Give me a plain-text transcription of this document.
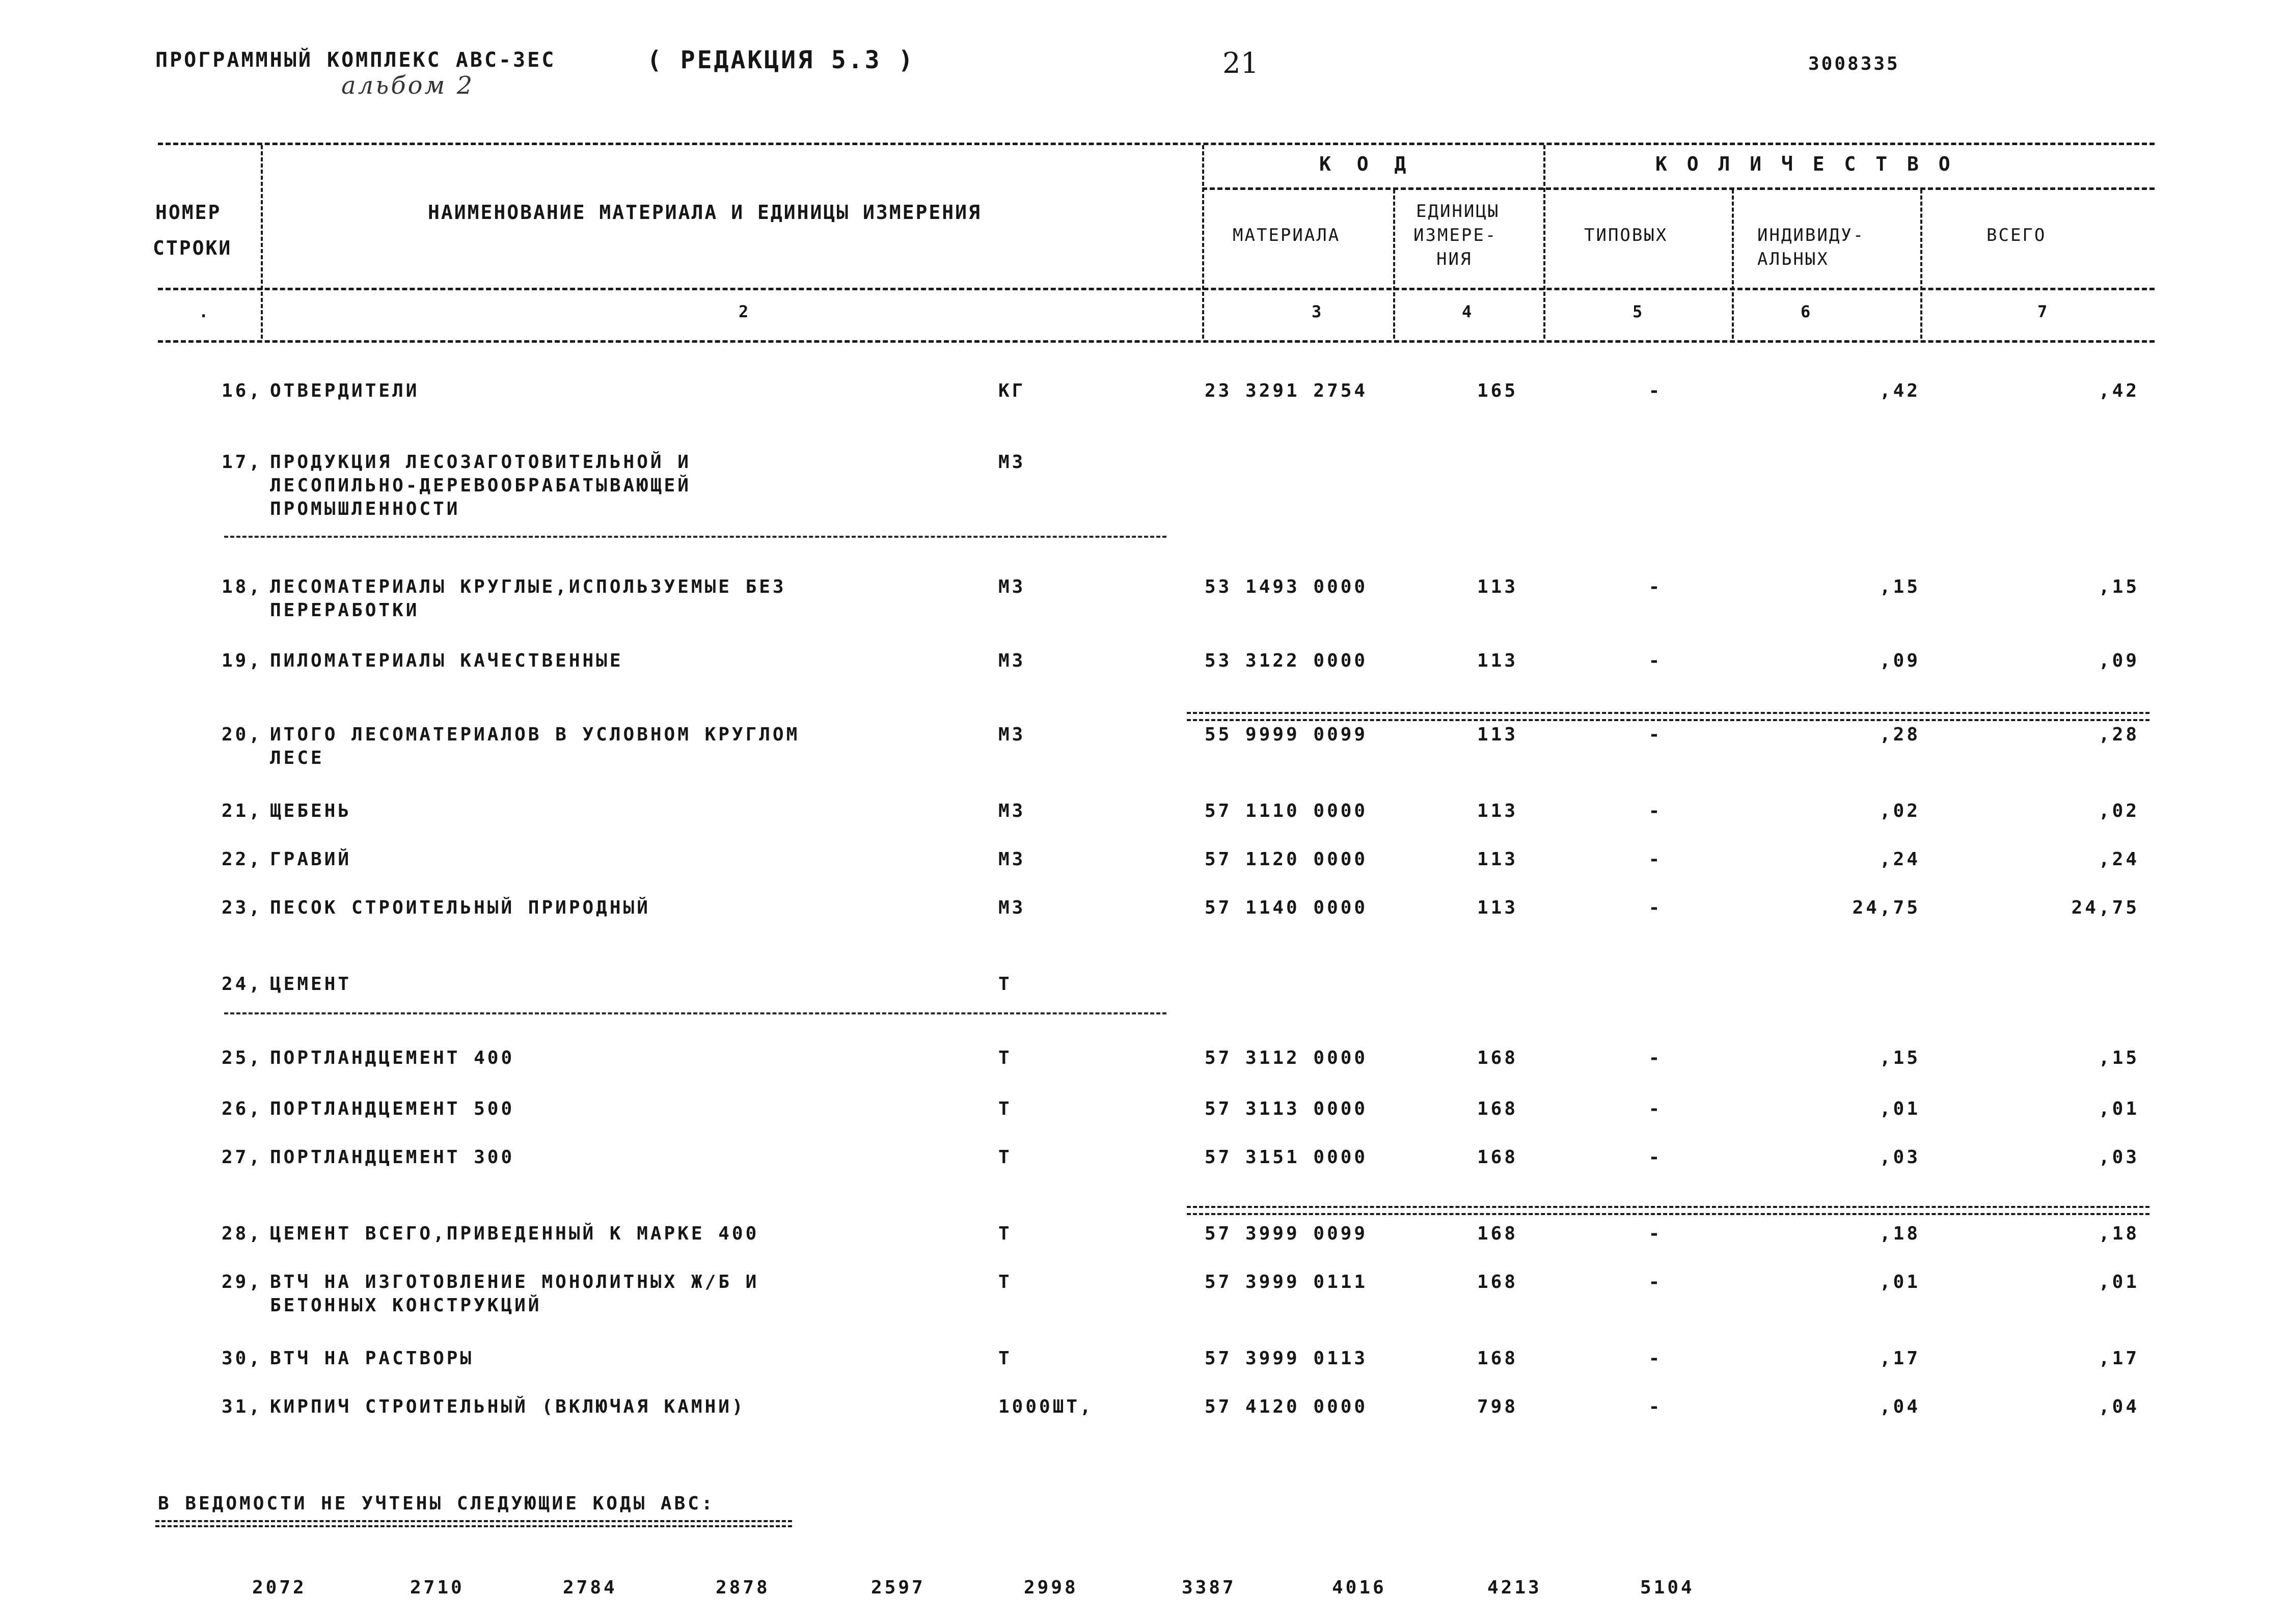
ПРОГРАММНЫЙ КОМПЛЕКС АВС-3ЕС	( РЕДАКЦИЯ 5.3 )
альбом 2
21	3008335
НОМЕР
СТРОКИ
НАИМЕНОВАНИЕ МАТЕРИАЛА И ЕДИНИЦЫ ИЗМЕРЕНИЯ
К О Д	К О Л И Ч Е С Т В О
МАТЕРИАЛА
ЕДИНИЦЫ
ИЗМЕРЕ-
НИЯ
ТИПОВЫХ	ИНДИВИДУ-
АЛЬНЫХ
ВСЕГО
.	2	3	4	5	6	7
16, ОТВЕРДИТЕЛИ	КГ	23 3291 2754	165	-	,42	,42
17, ПРОДУКЦИЯ ЛЕСОЗАГОТОВИТЕЛЬНОЙ И
ЛЕСОПИЛЬНО-ДЕРЕВООБРАБАТЫВАЮЩЕЙ
ПРОМЫШЛЕННОСТИ
М3
18, ЛЕСОМАТЕРИАЛЫ КРУГЛЫЕ,ИСПОЛЬЗУЕМЫЕ БЕЗ
ПЕРЕРАБОТКИ
М3	53 1493 0000	113	-	,15	,15
19, ПИЛОМАТЕРИАЛЫ КАЧЕСТВЕННЫЕ	М3	53 3122 0000	113	-	,09	,09
20, ИТОГО ЛЕСОМАТЕРИАЛОВ В УСЛОВНОМ КРУГЛОМ
ЛЕСЕ
М3	55 9999 0099	113	-	,28	,28
21, ЩЕБЕНЬ	М3	57 1110 0000	113	-	,02	,02
22, ГРАВИЙ	М3	57 1120 0000	113	-	,24	,24
23, ПЕСОК СТРОИТЕЛЬНЫЙ ПРИРОДНЫЙ	М3	57 1140 0000	113	-	24,75	24,75
24, ЦЕМЕНТ	Т
25, ПОРТЛАНДЦЕМЕНТ 400	Т	57 3112 0000	168	-	,15	,15
26, ПОРТЛАНДЦЕМЕНТ 500	Т	57 3113 0000	168	-	,01	,01
27, ПОРТЛАНДЦЕМЕНТ 300	Т	57 3151 0000	168	-	,03	,03
28, ЦЕМЕНТ ВСЕГО,ПРИВЕДЕННЫЙ К МАРКЕ 400	Т	57 3999 0099	168	-	,18	,18
29, ВТЧ НА ИЗГОТОВЛЕНИЕ МОНОЛИТНЫХ Ж/Б И
БЕТОННЫХ КОНСТРУКЦИЙ
Т	57 3999 0111	168	-	,01	,01
30, ВТЧ НА РАСТВОРЫ	Т	57 3999 0113	168	-	,17	,17
31, КИРПИЧ СТРОИТЕЛЬНЫЙ (ВКЛЮЧАЯ КАМНИ)	1000ШТ,	57 4120 0000	798	-	,04	,04
В ВЕДОМОСТИ НЕ УЧТЕНЫ СЛЕДУЮЩИЕ КОДЫ АВС:
2072	2710	2784	2878	2597	2998	3387	4016	4213	5104
